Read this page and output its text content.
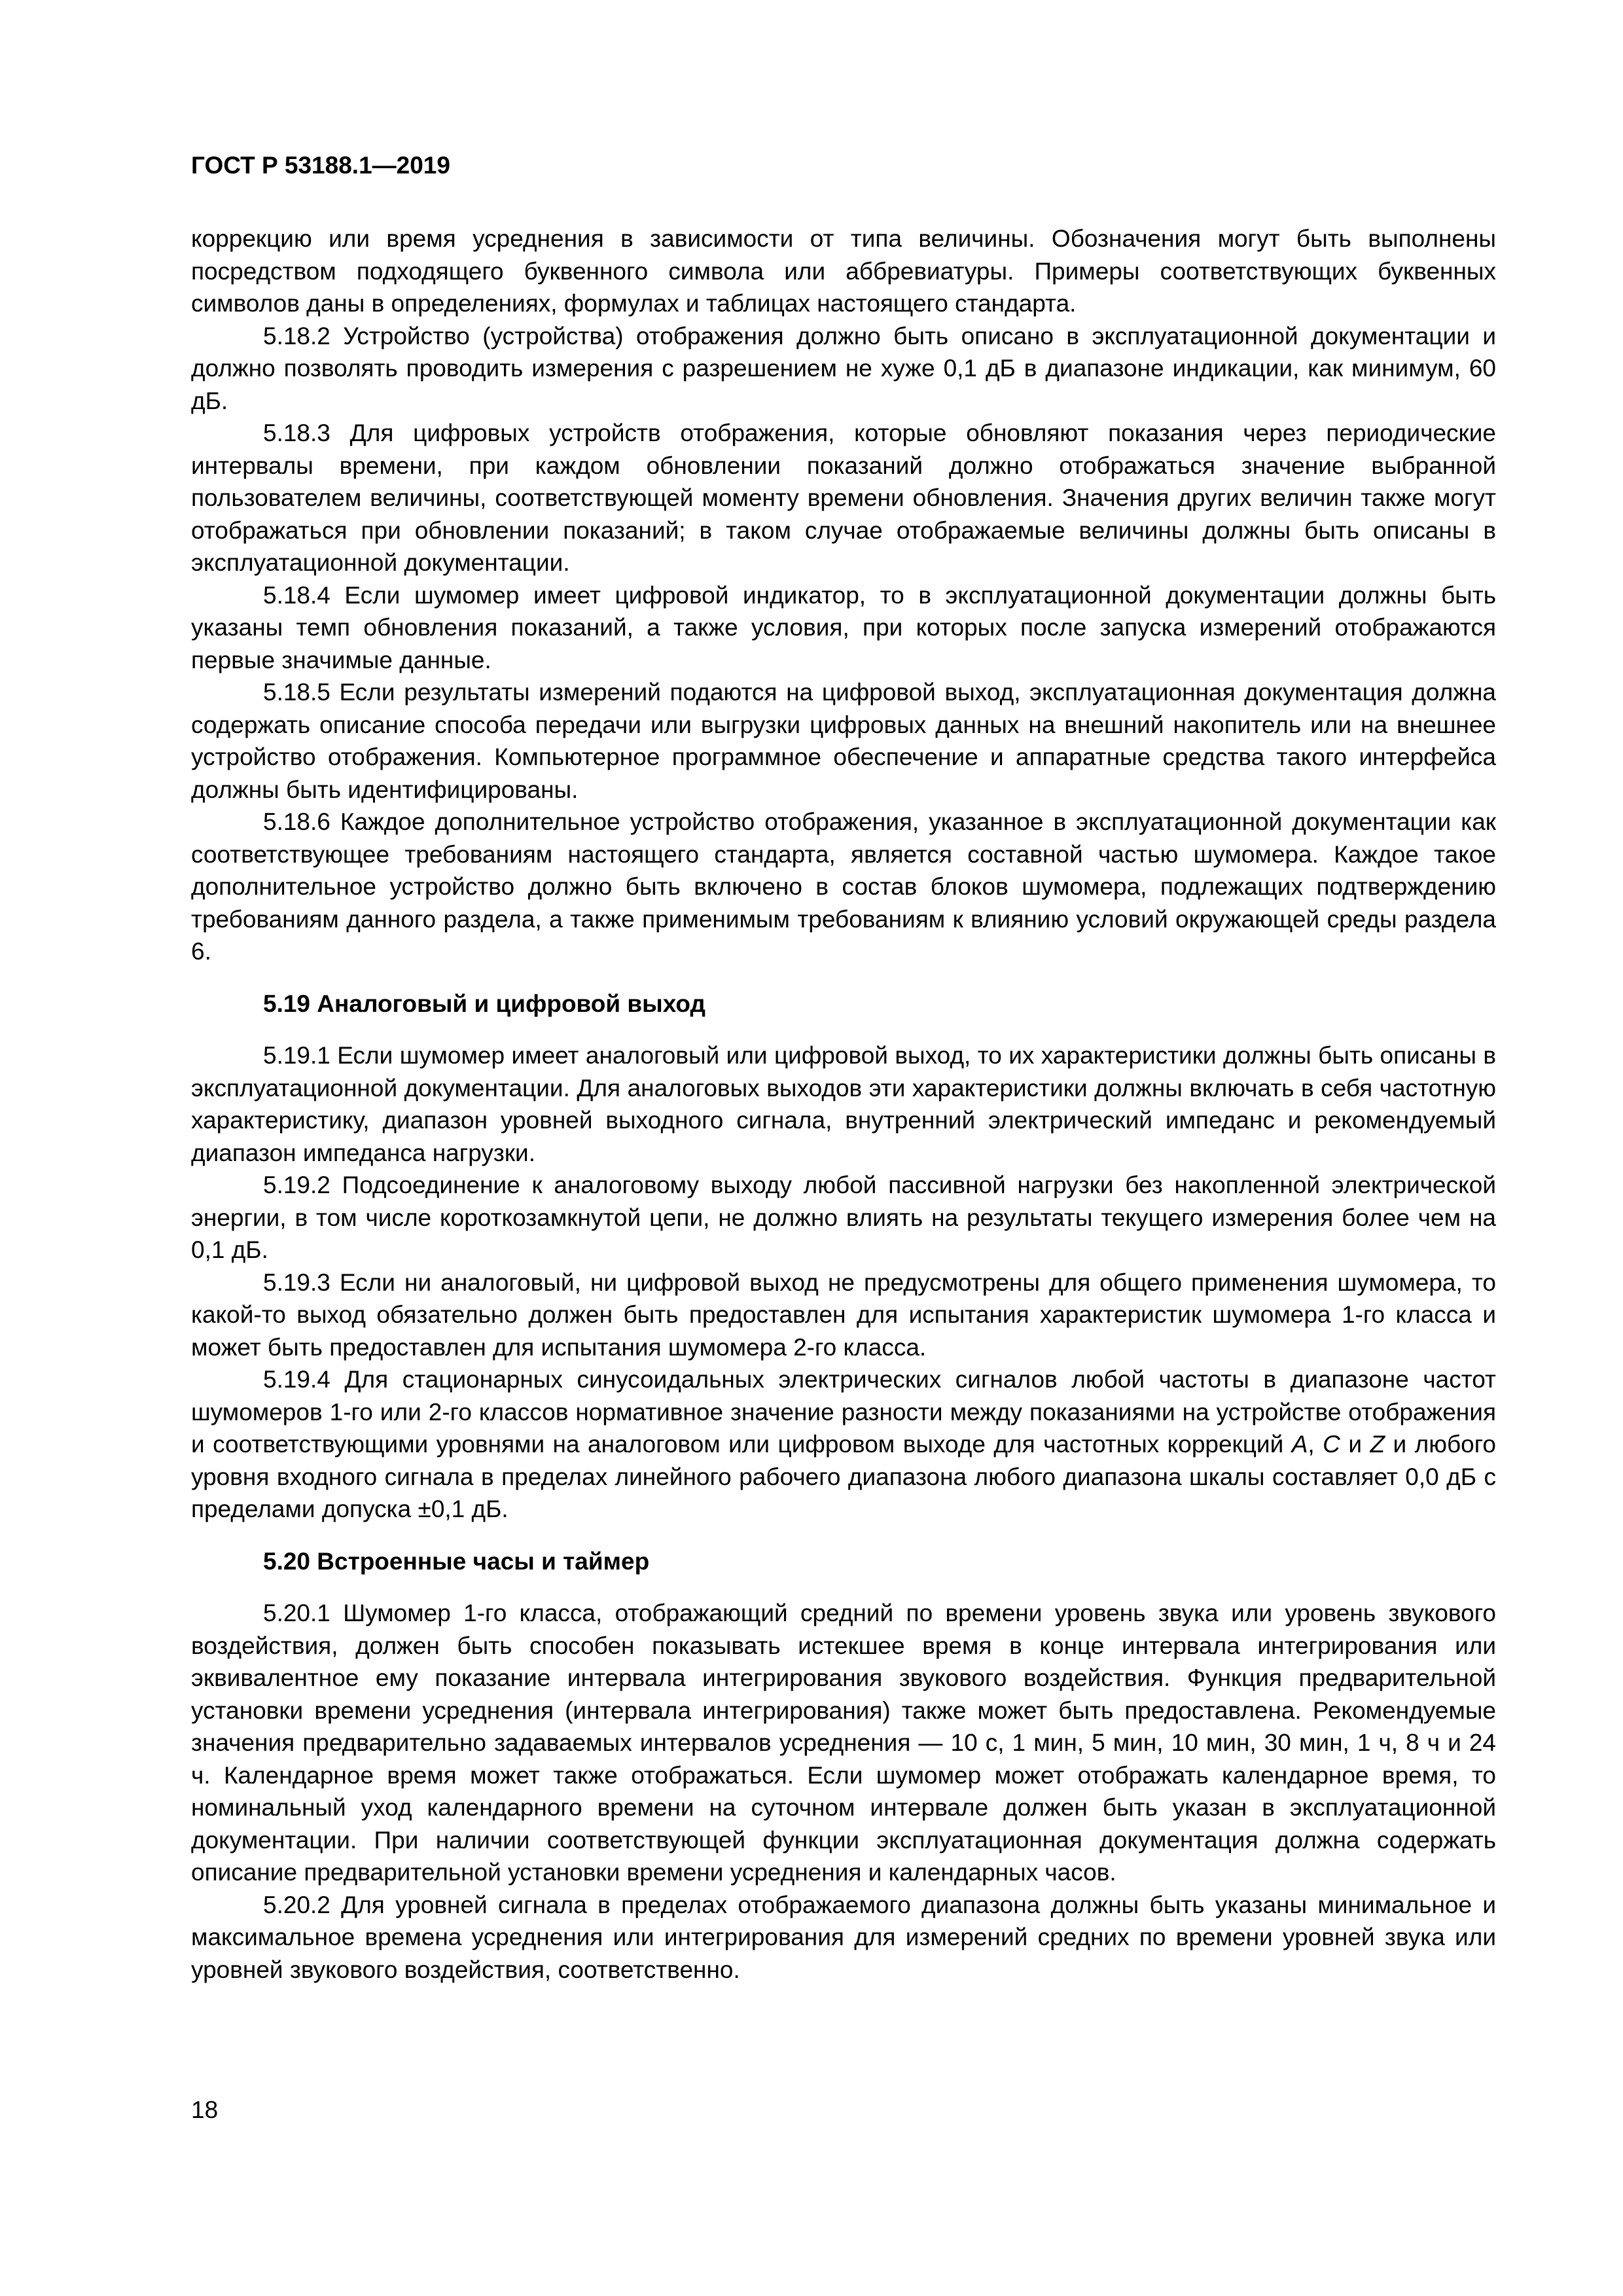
ГОСТ Р 53188.1—2019

коррекцию или время усреднения в зависимости от типа величины. Обозначения могут быть выполнены посредством подходящего буквенного символа или аббревиатуры. Примеры соответствующих буквенных символов даны в определениях, формулах и таблицах настоящего стандарта.

5.18.2 Устройство (устройства) отображения должно быть описано в эксплуатационной документации и должно позволять проводить измерения с разрешением не хуже 0,1 дБ в диапазоне индикации, как минимум, 60 дБ.

5.18.3 Для цифровых устройств отображения, которые обновляют показания через периодические интервалы времени, при каждом обновлении показаний должно отображаться значение выбранной пользователем величины, соответствующей моменту времени обновления. Значения других величин также могут отображаться при обновлении показаний; в таком случае отображаемые величины должны быть описаны в эксплуатационной документации.

5.18.4 Если шумомер имеет цифровой индикатор, то в эксплуатационной документации должны быть указаны темп обновления показаний, а также условия, при которых после запуска измерений отображаются первые значимые данные.

5.18.5 Если результаты измерений подаются на цифровой выход, эксплуатационная документация должна содержать описание способа передачи или выгрузки цифровых данных на внешний накопитель или на внешнее устройство отображения. Компьютерное программное обеспечение и аппаратные средства такого интерфейса должны быть идентифицированы.

5.18.6 Каждое дополнительное устройство отображения, указанное в эксплуатационной документации как соответствующее требованиям настоящего стандарта, является составной частью шумомера. Каждое такое дополнительное устройство должно быть включено в состав блоков шумомера, подлежащих подтверждению требованиям данного раздела, а также применимым требованиям к влиянию условий окружающей среды раздела 6.

5.19 Аналоговый и цифровой выход

5.19.1 Если шумомер имеет аналоговый или цифровой выход, то их характеристики должны быть описаны в эксплуатационной документации. Для аналоговых выходов эти характеристики должны включать в себя частотную характеристику, диапазон уровней выходного сигнала, внутренний электрический импеданс и рекомендуемый диапазон импеданса нагрузки.

5.19.2 Подсоединение к аналоговому выходу любой пассивной нагрузки без накопленной электрической энергии, в том числе короткозамкнутой цепи, не должно влиять на результаты текущего измерения более чем на 0,1 дБ.

5.19.3 Если ни аналоговый, ни цифровой выход не предусмотрены для общего применения шумомера, то какой-то выход обязательно должен быть предоставлен для испытания характеристик шумомера 1-го класса и может быть предоставлен для испытания шумомера 2-го класса.

5.19.4 Для стационарных синусоидальных электрических сигналов любой частоты в диапазоне частот шумомеров 1-го или 2-го классов нормативное значение разности между показаниями на устройстве отображения и соответствующими уровнями на аналоговом или цифровом выходе для частотных коррекций A, C и Z и любого уровня входного сигнала в пределах линейного рабочего диапазона любого диапазона шкалы составляет 0,0 дБ с пределами допуска ±0,1 дБ.

5.20 Встроенные часы и таймер

5.20.1 Шумомер 1-го класса, отображающий средний по времени уровень звука или уровень звукового воздействия, должен быть способен показывать истекшее время в конце интервала интегрирования или эквивалентное ему показание интервала интегрирования звукового воздействия. Функция предварительной установки времени усреднения (интервала интегрирования) также может быть предоставлена. Рекомендуемые значения предварительно задаваемых интервалов усреднения — 10 с, 1 мин, 5 мин, 10 мин, 30 мин, 1 ч, 8 ч и 24 ч. Календарное время может также отображаться. Если шумомер может отображать календарное время, то номинальный уход календарного времени на суточном интервале должен быть указан в эксплуатационной документации. При наличии соответствующей функции эксплуатационная документация должна содержать описание предварительной установки времени усреднения и календарных часов.

5.20.2 Для уровней сигнала в пределах отображаемого диапазона должны быть указаны минимальное и максимальное времена усреднения или интегрирования для измерений средних по времени уровней звука или уровней звукового воздействия, соответственно.

18
